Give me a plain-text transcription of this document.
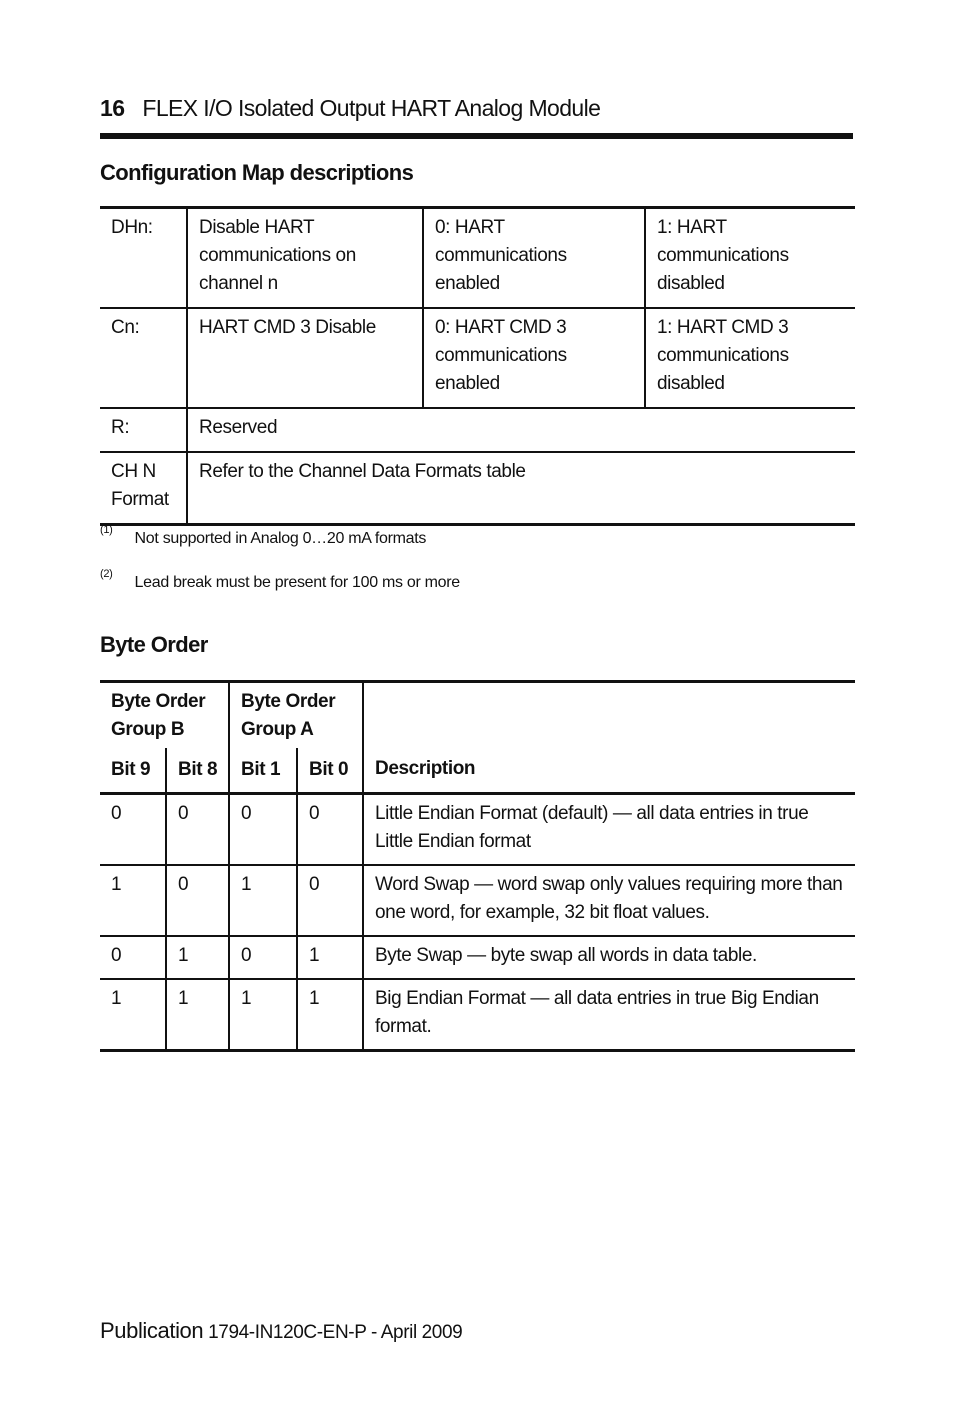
16 FLEX I/O Isolated Output HART Analog Module
Configuration Map descriptions
DHn:	Disable HART communications on channel n	0: HART communications enabled	1: HART communications disabled
Cn:	HART CMD 3 Disable	0: HART CMD 3 communications enabled	1: HART CMD 3 communications disabled
R:	Reserved		
CH N Format	Refer to the Channel Data Formats table		
$^{(1)}$ Not supported in Analog 0…20 mA formats
$^{(2)}$ Lead break must be present for 100 ms or more
Byte Order
Byte Order Group B		Byte Order Group A		Description
Bit 9	Bit 8	Bit 1	Bit 0	
0	0	0	0	Little Endian Format (default) — all data entries in true Little Endian format
1	0	1	0	Word Swap — word swap only values requiring more than one word, for example, 32 bit float values.
0	1	0	1	Byte Swap — byte swap all words in data table.
1	1	1	1	Big Endian Format — all data entries in true Big Endian format.
Publication 1794-IN120C-EN-P - April 2009
